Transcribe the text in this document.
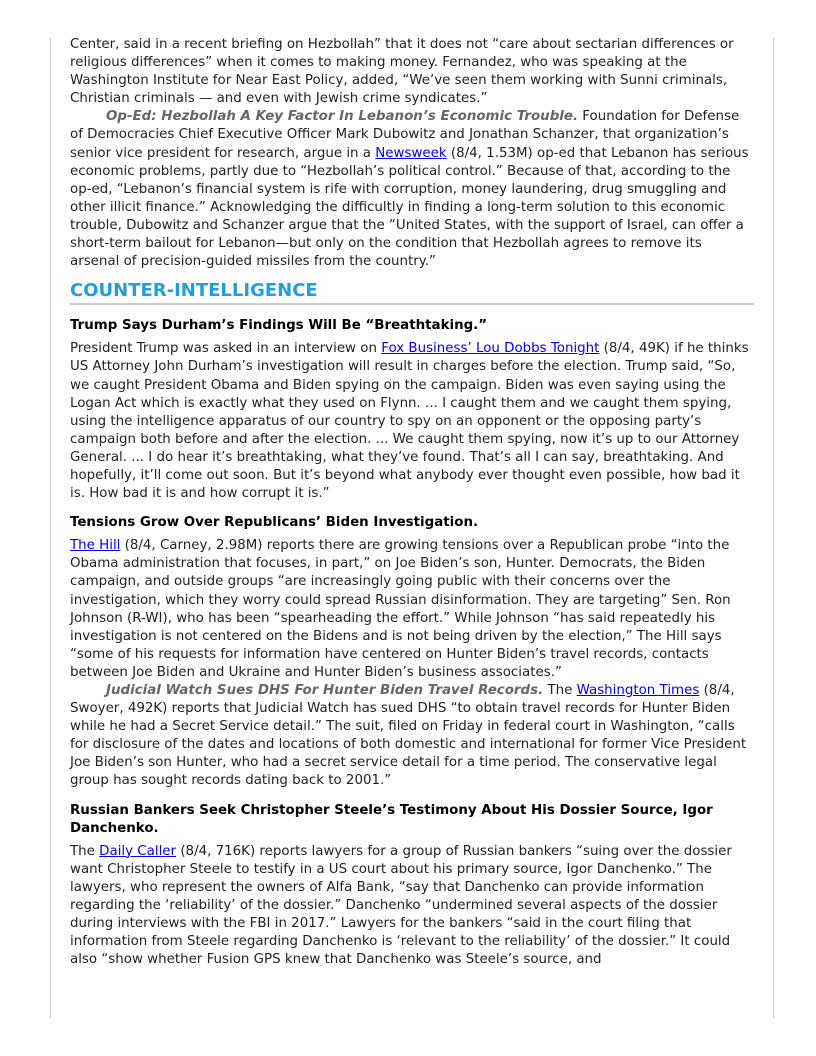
Center, said in a recent briefing on Hezbollah” that it does not “care about sectarian differences or religious differences” when it comes to making money. Fernandez, who was speaking at the Washington Institute for Near East Policy, added, “We’ve seen them working with Sunni criminals, Christian criminals — and even with Jewish crime syndicates.”

Op-Ed: Hezbollah A Key Factor In Lebanon’s Economic Trouble. Foundation for Defense of Democracies Chief Executive Officer Mark Dubowitz and Jonathan Schanzer, that organization’s senior vice president for research, argue in a Newsweek (8/4, 1.53M) op-ed that Lebanon has serious economic problems, partly due to “Hezbollah’s political control.” Because of that, according to the op-ed, “Lebanon’s financial system is rife with corruption, money laundering, drug smuggling and other illicit finance.” Acknowledging the difficultly in finding a long-term solution to this economic trouble, Dubowitz and Schanzer argue that the “United States, with the support of Israel, can offer a short-term bailout for Lebanon—but only on the condition that Hezbollah agrees to remove its arsenal of precision-guided missiles from the country.”

COUNTER-INTELLIGENCE
Trump Says Durham’s Findings Will Be “Breathtaking.”

President Trump was asked in an interview on Fox Business’ Lou Dobbs Tonight (8/4, 49K) if he thinks US Attorney John Durham’s investigation will result in charges before the election. Trump said, “So, we caught President Obama and Biden spying on the campaign. Biden was even saying using the Logan Act which is exactly what they used on Flynn. ... I caught them and we caught them spying, using the intelligence apparatus of our country to spy on an opponent or the opposing party’s campaign both before and after the election. ... We caught them spying, now it’s up to our Attorney General. ... I do hear it’s breathtaking, what they’ve found. That’s all I can say, breathtaking. And hopefully, it’ll come out soon. But it’s beyond what anybody ever thought even possible, how bad it is. How bad it is and how corrupt it is.”

Tensions Grow Over Republicans’ Biden Investigation.

The Hill (8/4, Carney, 2.98M) reports there are growing tensions over a Republican probe “into the Obama administration that focuses, in part,” on Joe Biden’s son, Hunter. Democrats, the Biden campaign, and outside groups “are increasingly going public with their concerns over the investigation, which they worry could spread Russian disinformation. They are targeting” Sen. Ron Johnson (R-WI), who has been “spearheading the effort.” While Johnson “has said repeatedly his investigation is not centered on the Bidens and is not being driven by the election,” The Hill says “some of his requests for information have centered on Hunter Biden’s travel records, contacts between Joe Biden and Ukraine and Hunter Biden’s business associates.”

Judicial Watch Sues DHS For Hunter Biden Travel Records. The Washington Times (8/4, Swoyer, 492K) reports that Judicial Watch has sued DHS “to obtain travel records for Hunter Biden while he had a Secret Service detail.” The suit, filed on Friday in federal court in Washington, “calls for disclosure of the dates and locations of both domestic and international for former Vice President Joe Biden’s son Hunter, who had a secret service detail for a time period. The conservative legal group has sought records dating back to 2001.”

Russian Bankers Seek Christopher Steele’s Testimony About His Dossier Source, Igor Danchenko.

The Daily Caller (8/4, 716K) reports lawyers for a group of Russian bankers “suing over the dossier want Christopher Steele to testify in a US court about his primary source, Igor Danchenko.” The lawyers, who represent the owners of Alfa Bank, “say that Danchenko can provide information regarding the ‘reliability’ of the dossier.” Danchenko “undermined several aspects of the dossier during interviews with the FBI in 2017.” Lawyers for the bankers “said in the court filing that information from Steele regarding Danchenko is ‘relevant to the reliability’ of the dossier.” It could also “show whether Fusion GPS knew that Danchenko was Steele’s source, and
